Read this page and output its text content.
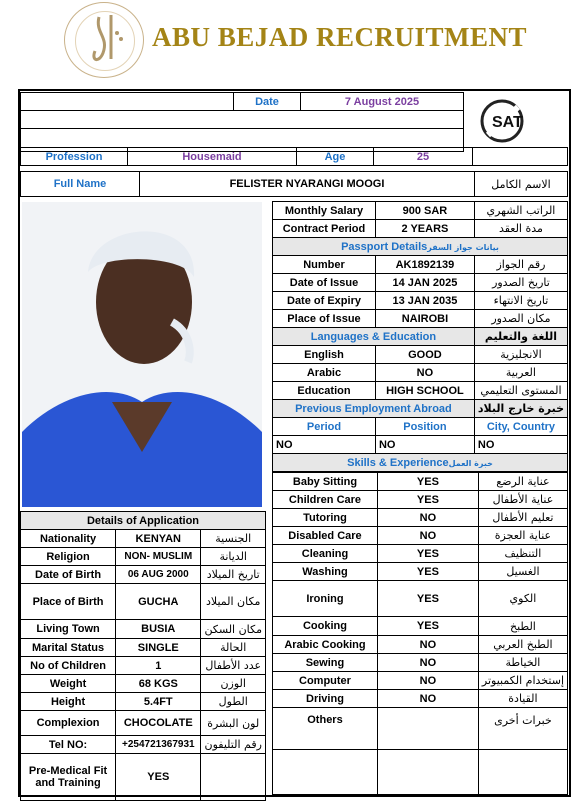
ABU BEJAD RECRUITMENT
	Date	7 August 2025	

SAT
Profession	Housemaid	Age	25	
Full Name	FELISTER NYARANGI MOOGI	الاسم الكامل
Monthly Salary	900 SAR	الراتب الشهري
Contract Period	2 YEARS	مدة العقد
Passport Detailsبيانات جواز السفر		
Number	AK1892139	رقم الجواز
Date of Issue	14 JAN 2025	تاريخ الصدور
Date of Expiry	13 JAN 2035	تاريخ الانتهاء
Place of Issue	NAIROBI	مكان الصدور
Languages & Education		اللغة والتعليم
English	GOOD	الانجليزية
Arabic	NO	العربية
Education	HIGH SCHOOL	المستوى التعليمي
Previous Employment Abroad		خبرة خارج البلاد
Period	Position	City, Country
NO	NO	NO
Skills & Experienceخبرة العمل		
Baby Sitting	YES	عناية الرضع
Children Care	YES	عناية الأطفال
Tutoring	NO	تعليم الأطفال
Disabled Care	NO	عناية العجزة
Cleaning	YES	التنظيف
Washing	YES	الغسيل
Ironing	YES	الكوي
Cooking	YES	الطبخ
Arabic Cooking	NO	الطبخ العربي
Sewing	NO	الخياطة
Computer	NO	إستخدام الكمبيوتر
Driving	NO	القيادة
Others		خبرات أخرى

Details of Application		
Nationality	KENYAN	الجنسية
Religion	NON- MUSLIM	الديانة
Date of Birth	06 AUG 2000	تاريخ الميلاد
Place of Birth	GUCHA	مكان الميلاد
Living Town	BUSIA	مكان السكن
Marital Status	SINGLE	الحالة
No of Children	1	عدد الأطفال
Weight	68 KGS	الوزن
Height	5.4FT	الطول
Complexion	CHOCOLATE	لون البشرة
Tel NO:	+254721367931	رقم التليفون
Pre-Medical Fit and Training	YES	
